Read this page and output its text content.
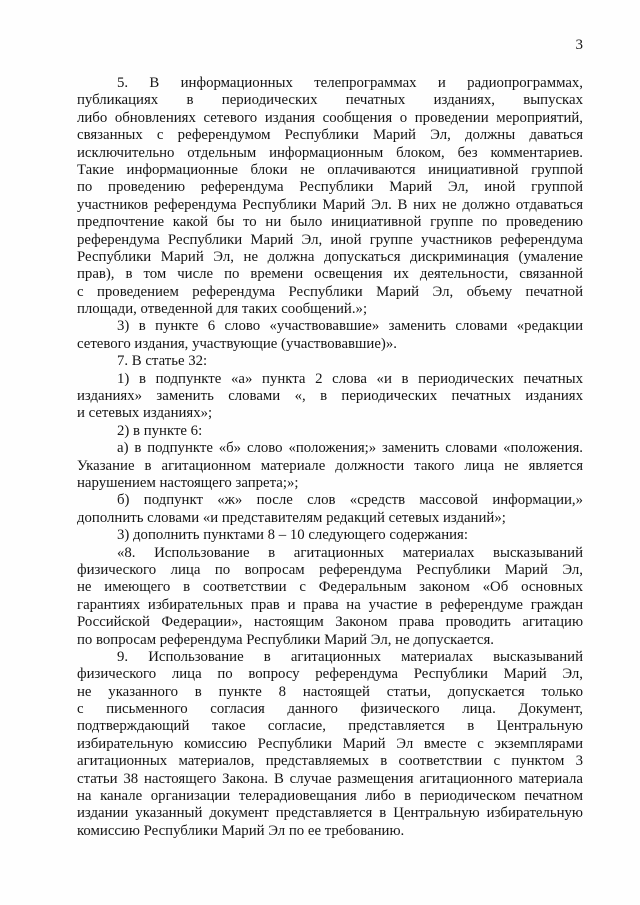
3
5. В информационных телепрограммах и радиопрограммах,
публикациях в периодических печатных изданиях, выпусках
либо обновлениях сетевого издания сообщения о проведении мероприятий,
связанных с референдумом Республики Марий Эл, должны даваться
исключительно отдельным информационным блоком, без комментариев.
Такие информационные блоки не оплачиваются инициативной группой
по проведению референдума Республики Марий Эл, иной группой
участников референдума Республики Марий Эл. В них не должно отдаваться
предпочтение какой бы то ни было инициативной группе по проведению
референдума Республики Марий Эл, иной группе участников референдума
Республики Марий Эл, не должна допускаться дискриминация (умаление
прав), в том числе по времени освещения их деятельности, связанной
с проведением референдума Республики Марий Эл, объему печатной
площади, отведенной для таких сообщений.»;
3) в пункте 6 слово «участвовавшие» заменить словами «редакции
сетевого издания, участвующие (участвовавшие)».
7. В статье 32:
1) в подпункте «а» пункта 2 слова «и в периодических печатных
изданиях» заменить словами «, в периодических печатных изданиях
и сетевых изданиях»;
2) в пункте 6:
а) в подпункте «б» слово «положения;» заменить словами «положения.
Указание в агитационном материале должности такого лица не является
нарушением настоящего запрета;»;
б) подпункт «ж» после слов «средств массовой информации,»
дополнить словами «и представителям редакций сетевых изданий»;
3) дополнить пунктами 8 – 10 следующего содержания:
«8. Использование в агитационных материалах высказываний
физического лица по вопросам референдума Республики Марий Эл,
не имеющего в соответствии с Федеральным законом «Об основных
гарантиях избирательных прав и права на участие в референдуме граждан
Российской Федерации», настоящим Законом права проводить агитацию
по вопросам референдума Республики Марий Эл, не допускается.
9. Использование в агитационных материалах высказываний
физического лица по вопросу референдума Республики Марий Эл,
не указанного в пункте 8 настоящей статьи, допускается только
с письменного согласия данного физического лица. Документ,
подтверждающий такое согласие, представляется в Центральную
избирательную комиссию Республики Марий Эл вместе с экземплярами
агитационных материалов, представляемых в соответствии с пунктом 3
статьи 38 настоящего Закона. В случае размещения агитационного материала
на канале организации телерадиовещания либо в периодическом печатном
издании указанный документ представляется в Центральную избирательную
комиссию Республики Марий Эл по ее требованию.
